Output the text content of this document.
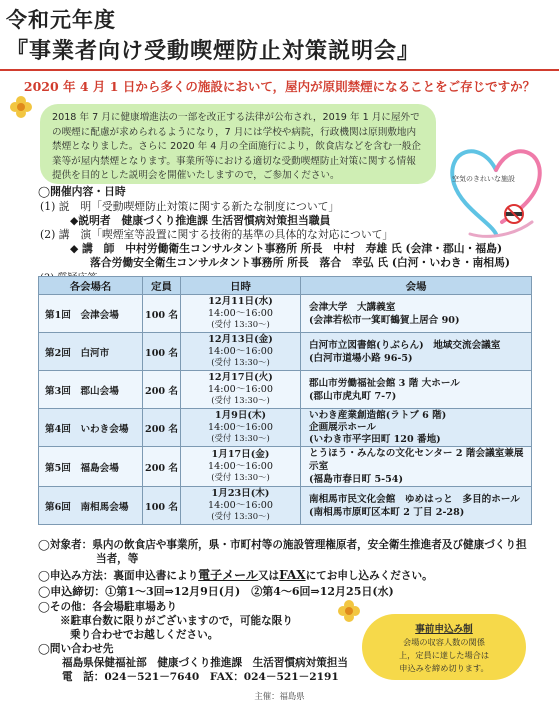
令和元年度
『事業者向け受動喫煙防止対策説明会』
2020 年 4 月 1 日から多くの施設において，屋内が原則禁煙になることをご存じですか？
2018 年 7 月に健康増進法の一部を改正する法律が公布され，2019 年 1 月に屋外での喫煙に配慮が求められるようになり，7 月には学校や病院，行政機関は原則敷地内禁煙となりました。さらに 2020 年 4 月の全面施行により，飲食店などを含む一般企業等が屋内禁煙となります。事業所等における適切な受動喫煙防止対策に関する情報提供を目的とした説明会を開催いたしますので，ご参加ください。	空気のきれいな施設
◯開催内容・日時
(1) 説　明「受動喫煙防止対策に関する新たな制度について」
◆説明者　健康づくり推進課 生活習慣病対策担当職員
(2) 講　演「喫煙室等設置に関する技術的基準の具体的な対応について」
◆ 講　師　中村労働衛生コンサルタント事務所 所長　中村　寿雄 氏 (会津・郡山・福島)
落合労働安全衛生コンサルタント事務所 所長　落合　幸弘 氏 (白河・いわき・南相馬)
各会場名	定員	日時	会場
第1回　会津会場	100 名	12月11日(水)
14:00～16:00
(受付 13:30～)	会津大学　大講義室
(会津若松市一箕町鶴賀上居合 90)
第2回　白河市	100 名	12月13日(金)
14:00～16:00
(受付 13:30～)	白河市立図書館(りぶらん)　地域交流会議室
(白河市道場小路 96-5)
第3回　郡山会場	200 名	12月17日(火)
14:00～16:00
(受付 13:30～)	郡山市労働福祉会館 3 階 大ホール
(郡山市虎丸町 7-7)
第4回　いわき会場	200 名	1月9日(木)
14:00～16:00
(受付 13:30～)	いわき産業創造館(ラトブ 6 階)
企画展示ホール
(いわき市平字田町 120 番地)
第5回　福島会場	200 名	1月17日(金)
14:00～16:00
(受付 13:30～)	とうほう・みんなの文化センター 2 階会議室兼展示室
(福島市春日町 5-54)
第6回　南相馬会場	100 名	1月23日(木)
14:00～16:00
(受付 13:30～)	南相馬市民文化会館　ゆめはっと　多目的ホール
(南相馬市原町区本町 2 丁目 2-28)
◯対象者：県内の飲食店や事業所，県・市町村等の施設管理権原者，安全衛生推進者及び健康づくり担
当者，等
◯申込み方法：裏面申込書により電子メール又はFAXにてお申し込みください。
◯申込締切：①第1～3回⇒12月9日(月)　②第4～6回⇒12月25日(水)
◯その他：各会場駐車場あり
※駐車台数に限りがございますので，可能な限り
乗り合わせでお越しください。
◯問い合わせ先
福島県保健福祉部　健康づくり推進課　生活習慣病対策担当
電　話：024－521－7640　FAX：024－521－2191
事前申込み制
会場の収容人数の関係
上，定員に達した場合は
申込みを締め切ります。
主催：福島県
